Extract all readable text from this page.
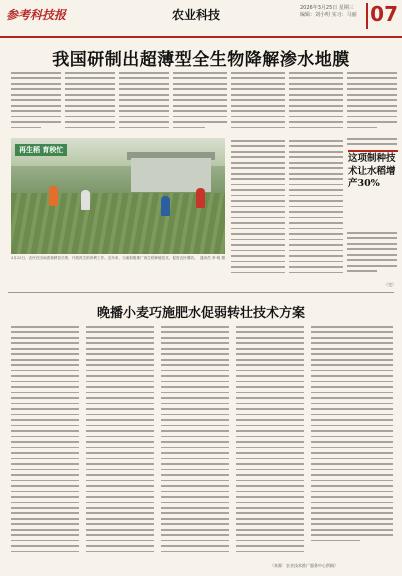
参考科技报	农业科技	2026年3月25日 星期三
编辑：刘小明 实习：马丽 07
我国研制出超薄型全生物降解渗水地膜
再生稻 育秧忙
3月23日，农民在田间查看秧苗长势，开展再生稻育秧工作。近年来，当地积极推广再生稻种植技术，促进农民增收。 通讯员 李 明 摄
这项制种技术让水稻增产30%
（完）
晚播小麦巧施肥水促弱转壮技术方案
（来源：农业技术推广服务中心供稿）
